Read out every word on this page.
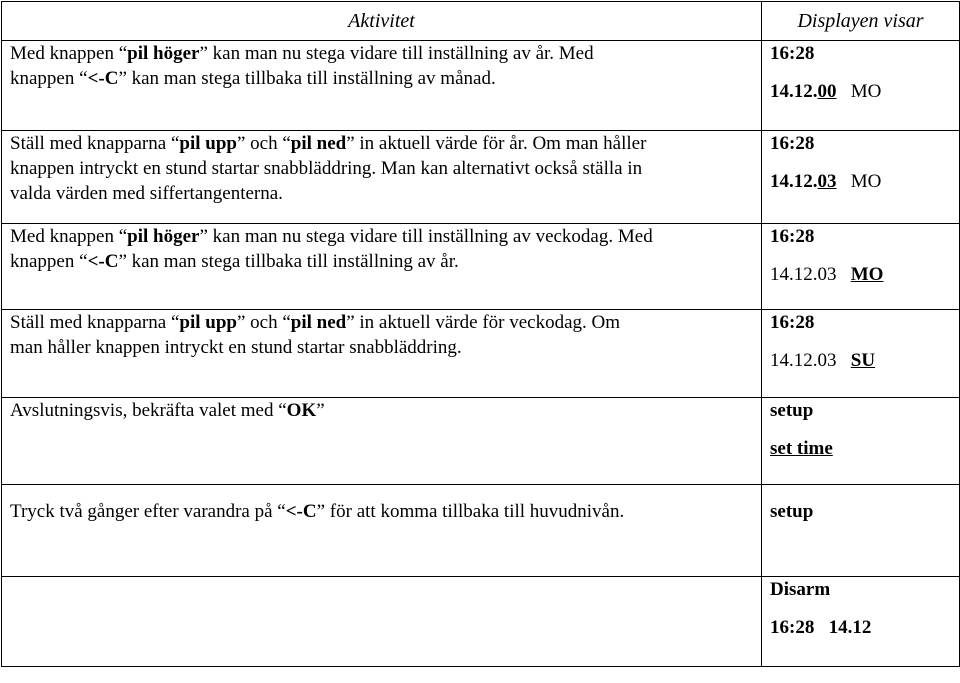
Aktivitet	Displayen visar

Med knappen “pil höger” kan man nu stega vidare till inställning av år. Med
knappen “<-C” kan man stega tillbaka till inställning av månad.	16:28
14.12.00 MO

Ställ med knapparna “pil upp” och “pil ned” in aktuell värde för år. Om man håller
knappen intryckt en stund startar snabbläddring. Man kan alternativt också ställa in
valda värden med siffertangenterna.	16:28
14.12.03 MO

Med knappen “pil höger” kan man nu stega vidare till inställning av veckodag. Med
knappen “<-C” kan man stega tillbaka till inställning av år.	16:28
14.12.03 MO

Ställ med knapparna “pil upp” och “pil ned” in aktuell värde för veckodag. Om
man håller knappen intryckt en stund startar snabbläddring.	16:28
14.12.03 SU

Avslutningsvis, bekräfta valet med “OK”	setup
set time

Tryck två gånger efter varandra på “<-C” för att komma tillbaka till huvudnivån.	setup

	Disarm
16:28 14.12
